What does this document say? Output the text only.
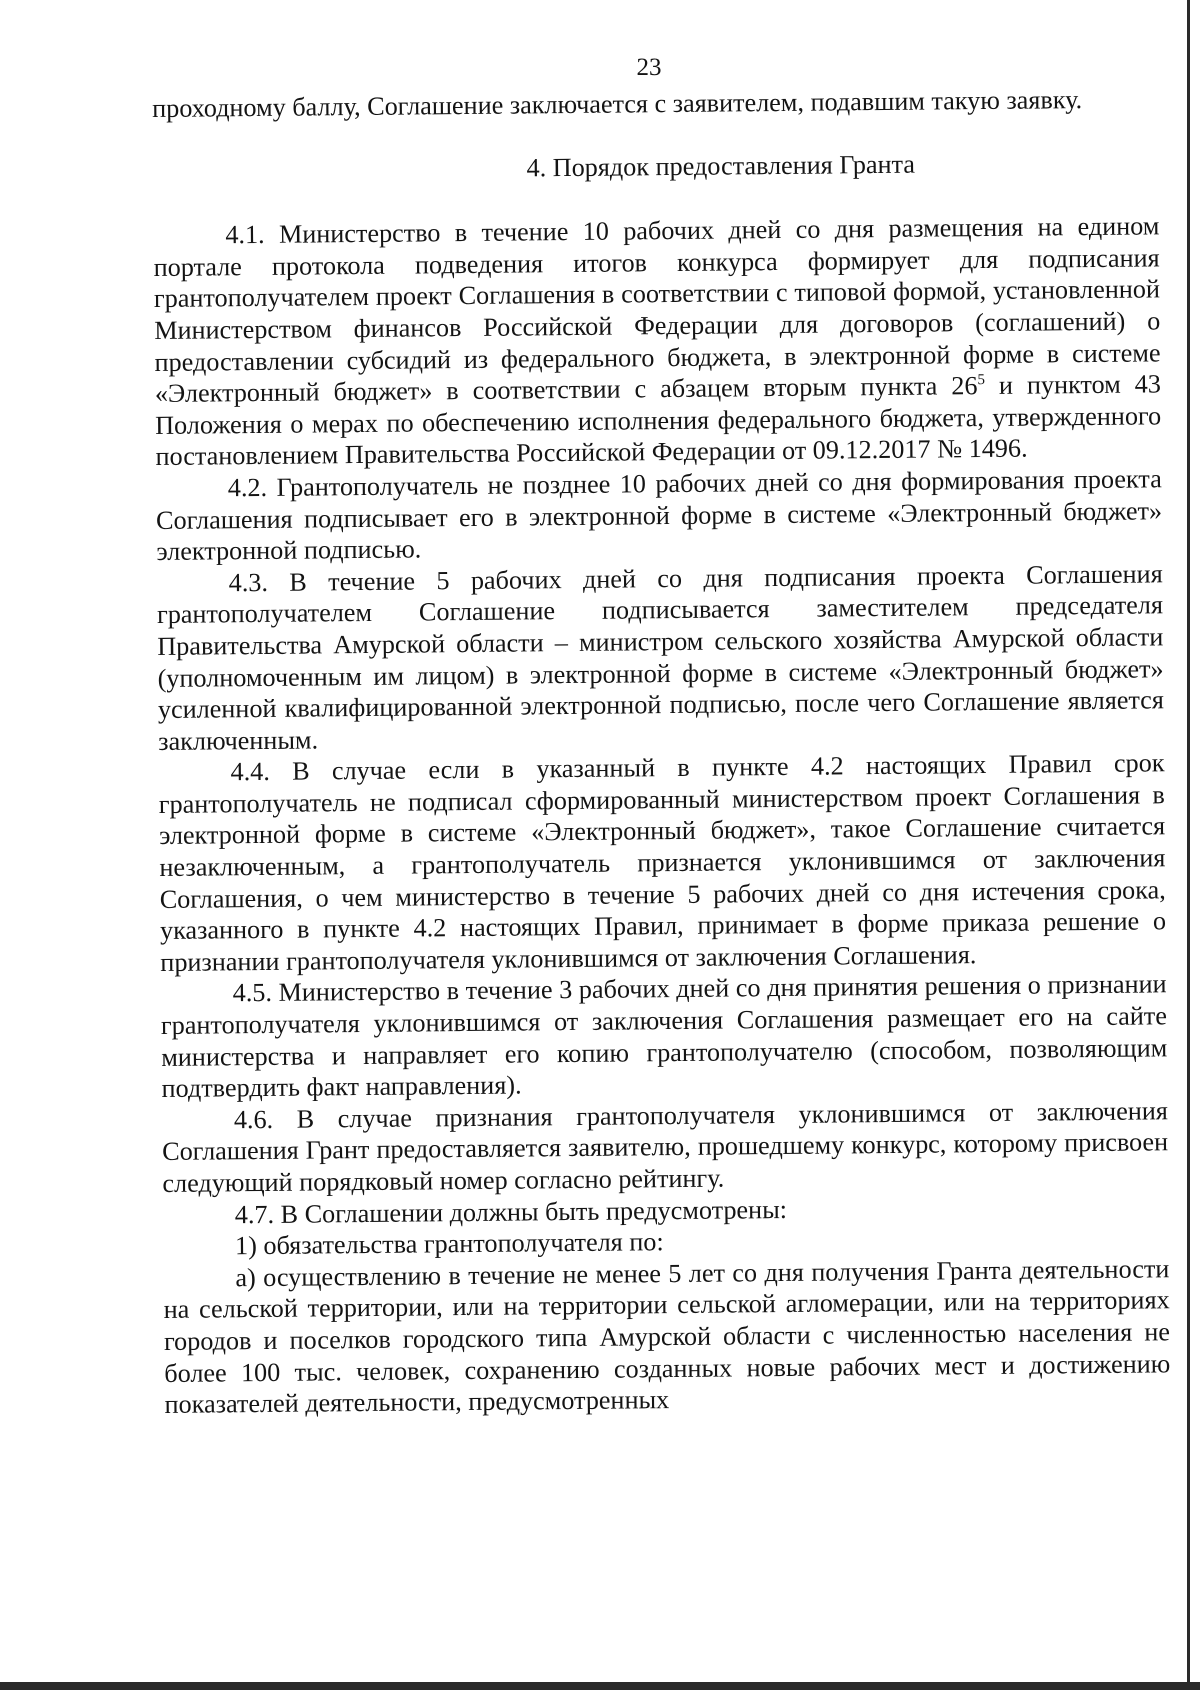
23

проходному баллу, Соглашение заключается с заявителем, подавшим такую заявку.

4. Порядок предоставления Гранта

4.1. Министерство в течение 10 рабочих дней со дня размещения на едином портале протокола подведения итогов конкурса формирует для подписания грантополучателем проект Соглашения в соответствии с типовой формой, установленной Министерством финансов Российской Федерации для договоров (соглашений) о предоставлении субсидий из федерального бюджета, в электронной форме в системе «Электронный бюджет» в соответствии с абзацем вторым пункта $26^5$ и пунктом 43 Положения о мерах по обеспечению исполнения федерального бюджета, утвержденного постановлением Правительства Российской Федерации от 09.12.2017 № 1496.

4.2. Грантополучатель не позднее 10 рабочих дней со дня формирования проекта Соглашения подписывает его в электронной форме в системе «Электронный бюджет» электронной подписью.

4.3. В течение 5 рабочих дней со дня подписания проекта Соглашения грантополучателем Соглашение подписывается заместителем председателя Правительства Амурской области – министром сельского хозяйства Амурской области (уполномоченным им лицом) в электронной форме в системе «Электронный бюджет» усиленной квалифицированной электронной подписью, после чего Соглашение является заключенным.

4.4. В случае если в указанный в пункте 4.2 настоящих Правил срок грантополучатель не подписал сформированный министерством проект Соглашения в электронной форме в системе «Электронный бюджет», такое Соглашение считается незаключенным, а грантополучатель признается уклонившимся от заключения Соглашения, о чем министерство в течение 5 рабочих дней со дня истечения срока, указанного в пункте 4.2 настоящих Правил, принимает в форме приказа решение о признании грантополучателя уклонившимся от заключения Соглашения.

4.5. Министерство в течение 3 рабочих дней со дня принятия решения о признании грантополучателя уклонившимся от заключения Соглашения размещает его на сайте министерства и направляет его копию грантополучателю (способом, позволяющим подтвердить факт направления).

4.6. В случае признания грантополучателя уклонившимся от заключения Соглашения Грант предоставляется заявителю, прошедшему конкурс, которому присвоен следующий порядковый номер согласно рейтингу.

4.7. В Соглашении должны быть предусмотрены:

1) обязательства грантополучателя по:

а) осуществлению в течение не менее 5 лет со дня получения Гранта деятельности на сельской территории, или на территории сельской агломерации, или на территориях городов и поселков городского типа Амурской области с численностью населения не более 100 тыс. человек, сохранению созданных новые рабочих мест и достижению показателей деятельности, предусмотренных
